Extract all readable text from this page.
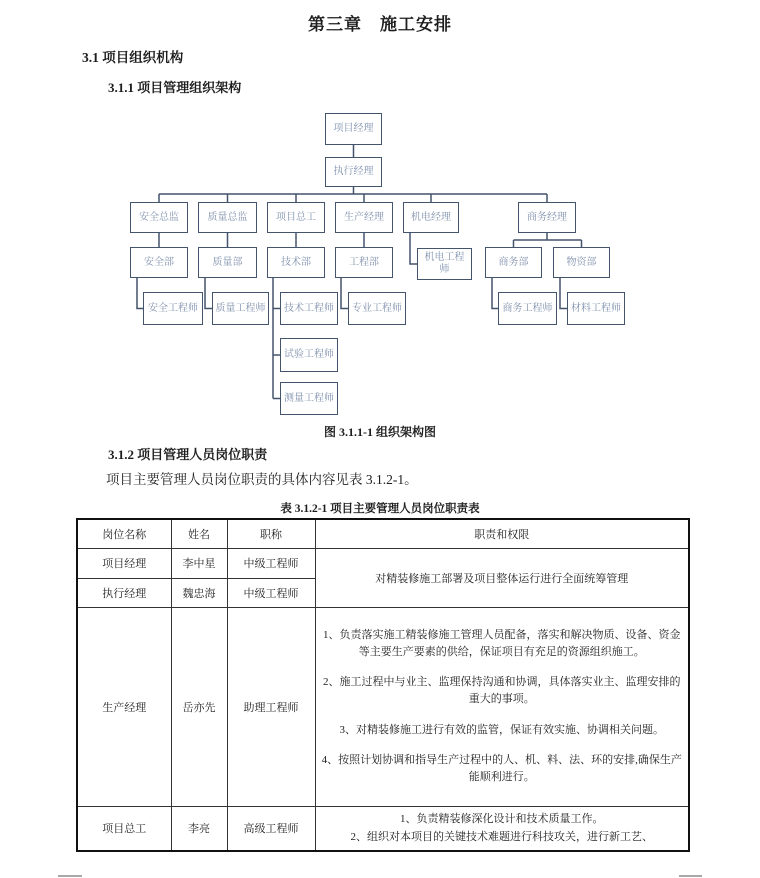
第三章　施工安排
3.1 项目组织机构
3.1.1 项目管理组织架构
项目经理
执行经理
安全总监	质量总监	项目总工	生产经理	机电经理	商务经理
安全部	质量部	技术部	工程部	机电工程师
商务部	物资部
安全工程师	质量工程师	技术工程师	专业工程师	商务工程师	材料工程师
试验工程师
测量工程师
图 3.1.1-1 组织架构图
3.1.2 项目管理人员岗位职责
项目主要管理人员岗位职责的具体内容见表 3.1.2-1。
表 3.1.2-1 项目主要管理人员岗位职责表
岗位名称	姓名	职称	职责和权限
项目经理	李中星	中级工程师	对精装修施工部署及项目整体运行进行全面统筹管理
执行经理	魏忠海	中级工程师	
生产经理	岳亦先	助理工程师	1、负责落实施工精装修施工管理人员配备，落实和解决物质、设备、资金等主要生产要素的供给，保证项目有充足的资源组织施工。

2、施工过程中与业主、监理保持沟通和协调，具体落实业主、监理安排的重大的事项。

3、对精装修施工进行有效的监管，保证有效实施、协调相关问题。

4、按照计划协调和指导生产过程中的人、机、料、法、环的安排,确保生产能顺利进行。

项目总工	李亮	高级工程师	1、负责精装修深化设计和技术质量工作。

2、组织对本项目的关键技术难题进行科技攻关，进行新工艺、
